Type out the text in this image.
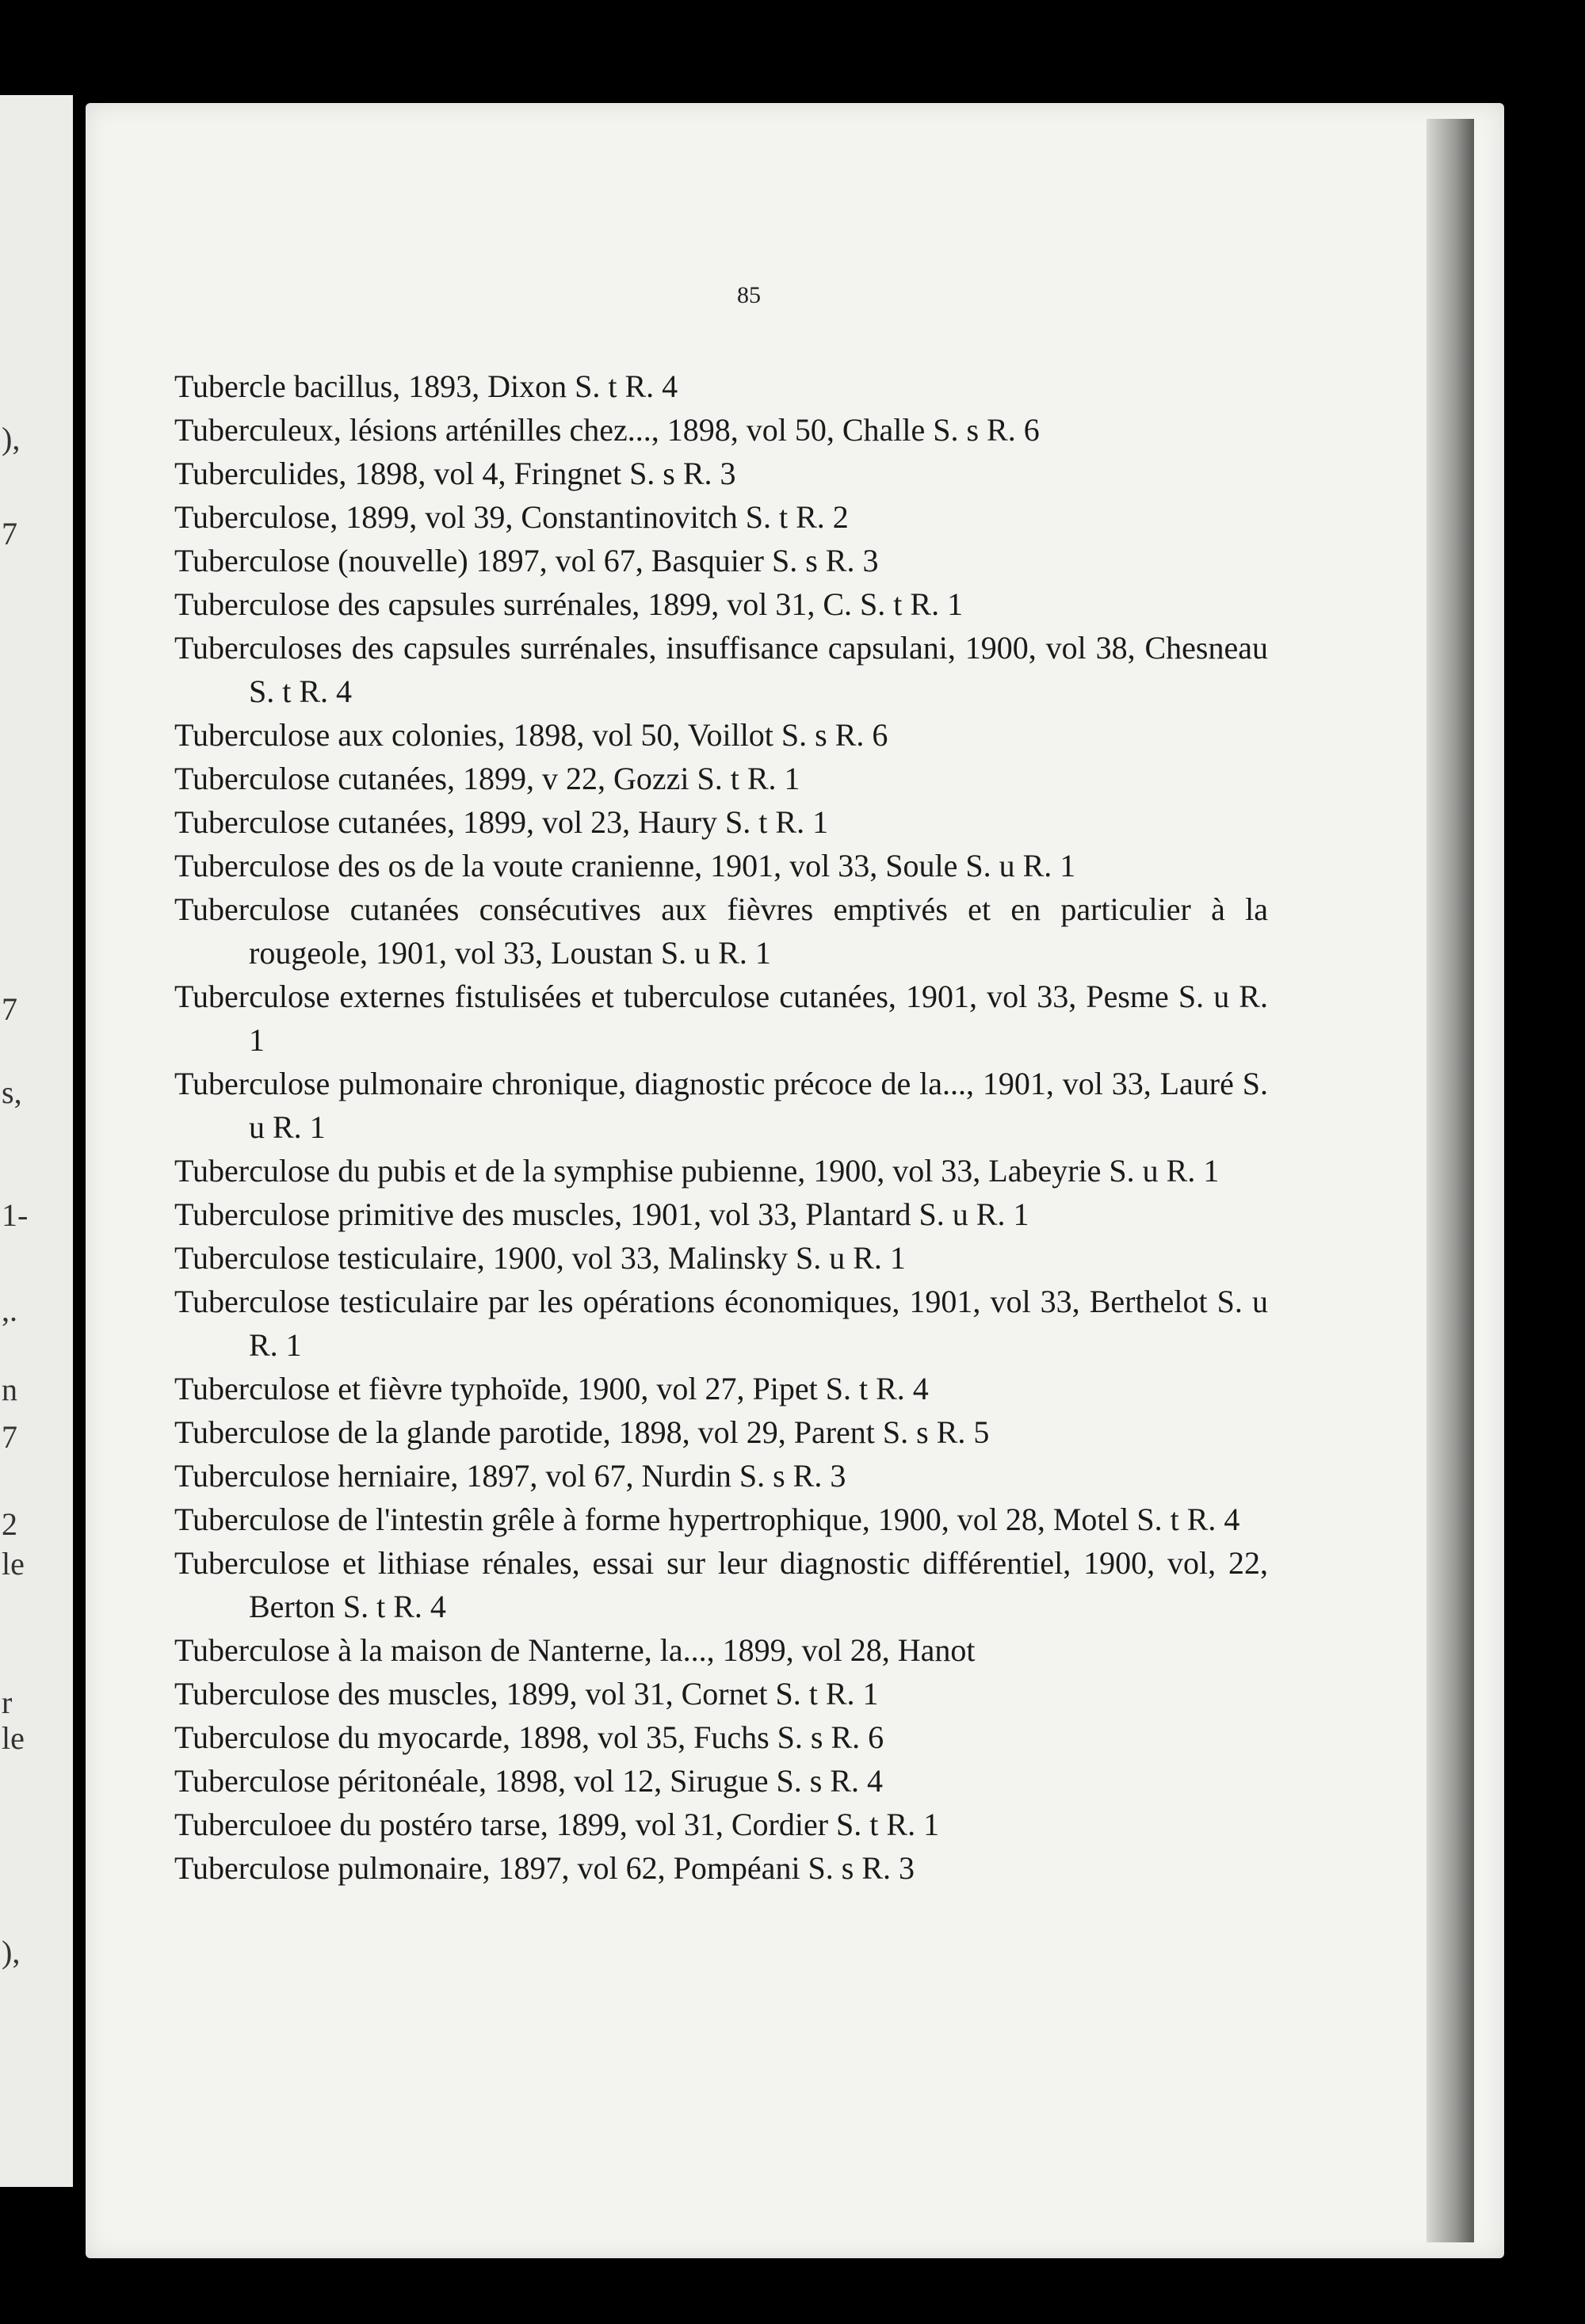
),
7
7
s,
1-
,.
n
7
2
le
r
le
),
85
Tubercle bacillus, 1893, Dixon S. t R. 4
Tuberculeux, lésions arténilles chez..., 1898, vol 50, Challe S. s R. 6
Tuberculides, 1898, vol 4, Fringnet S. s R. 3
Tuberculose, 1899, vol 39, Constantinovitch S. t R. 2
Tuberculose (nouvelle) 1897, vol 67, Basquier S. s R. 3
Tuberculose des capsules surrénales, 1899, vol 31, C. S. t R. 1
Tuberculoses des capsules surrénales, insuffisance capsulani, 1900, vol 38, Chesneau S. t R. 4
Tuberculose aux colonies, 1898, vol 50, Voillot S. s R. 6
Tuberculose cutanées, 1899, v 22, Gozzi S. t R. 1
Tuberculose cutanées, 1899, vol 23, Haury S. t R. 1
Tuberculose des os de la voute cranienne, 1901, vol 33, Soule S. u R. 1
Tuberculose cutanées consécutives aux fièvres emptivés et en particulier à la rougeole, 1901, vol 33, Loustan S. u R. 1
Tuberculose externes fistulisées et tuberculose cutanées, 1901, vol 33, Pesme S. u R. 1
Tuberculose pulmonaire chronique, diagnostic précoce de la..., 1901, vol 33, Lauré S. u R. 1
Tuberculose du pubis et de la symphise pubienne, 1900, vol 33, Labeyrie S. u R. 1
Tuberculose primitive des muscles, 1901, vol 33, Plantard S. u R. 1
Tuberculose testiculaire, 1900, vol 33, Malinsky S. u R. 1
Tuberculose testiculaire par les opérations économiques, 1901, vol 33, Berthelot S. u R. 1
Tuberculose et fièvre typhoïde, 1900, vol 27, Pipet S. t R. 4
Tuberculose de la glande parotide, 1898, vol 29, Parent S. s R. 5
Tuberculose herniaire, 1897, vol 67, Nurdin S. s R. 3
Tuberculose de l'intestin grêle à forme hypertrophique, 1900, vol 28, Motel S. t R. 4
Tuberculose et lithiase rénales, essai sur leur diagnostic différentiel, 1900, vol, 22, Berton S. t R. 4
Tuberculose à la maison de Nanterne, la..., 1899, vol 28, Hanot
Tuberculose des muscles, 1899, vol 31, Cornet S. t R. 1
Tuberculose du myocarde, 1898, vol 35, Fuchs S. s R. 6
Tuberculose péritonéale, 1898, vol 12, Sirugue S. s R. 4
Tuberculoee du postéro tarse, 1899, vol 31, Cordier S. t R. 1
Tuberculose pulmonaire, 1897, vol 62, Pompéani S. s R. 3
